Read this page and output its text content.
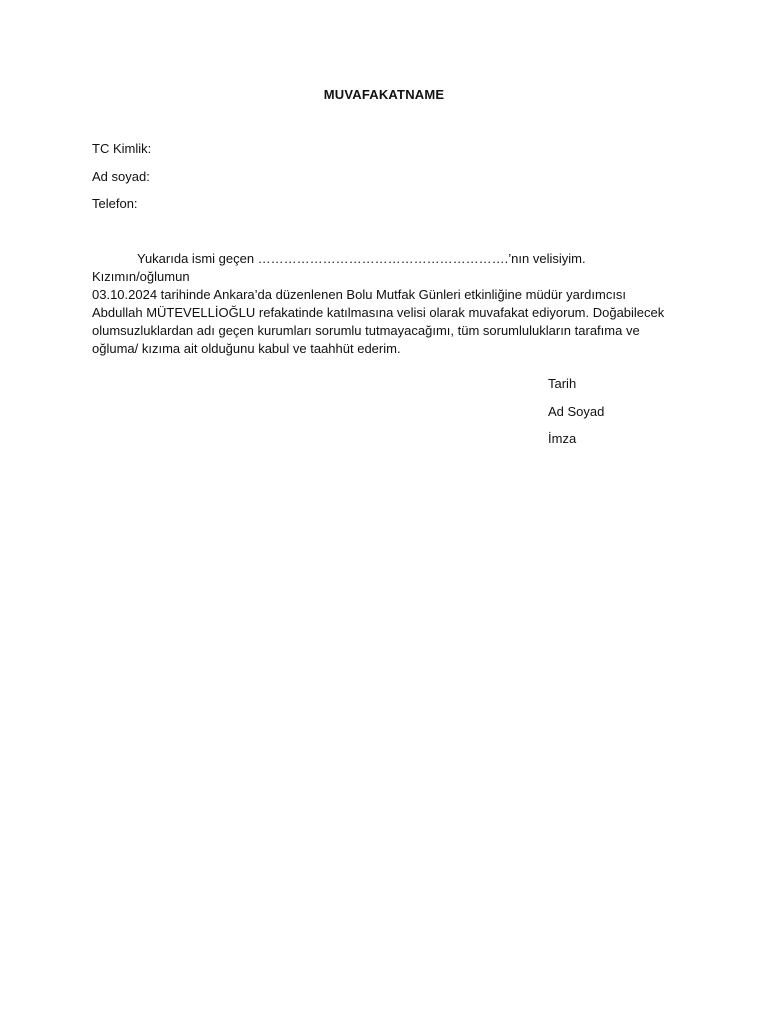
MUVAFAKATNAME
TC Kimlik:
Ad soyad:
Telefon:
Yukarıda ismi geçen ………………………………………………….’nın velisiyim. Kızımın/oğlumun
03.10.2024 tarihinde Ankara’da düzenlenen Bolu Mutfak Günleri etkinliğine müdür yardımcısı
Abdullah MÜTEVELLİOĞLU refakatinde katılmasına velisi olarak muvafakat ediyorum. Doğabilecek
olumsuzluklardan adı geçen kurumları sorumlu tutmayacağımı, tüm sorumlulukların tarafıma ve
oğluma/ kızıma ait olduğunu kabul ve taahhüt ederim.
Tarih
Ad Soyad
İmza
